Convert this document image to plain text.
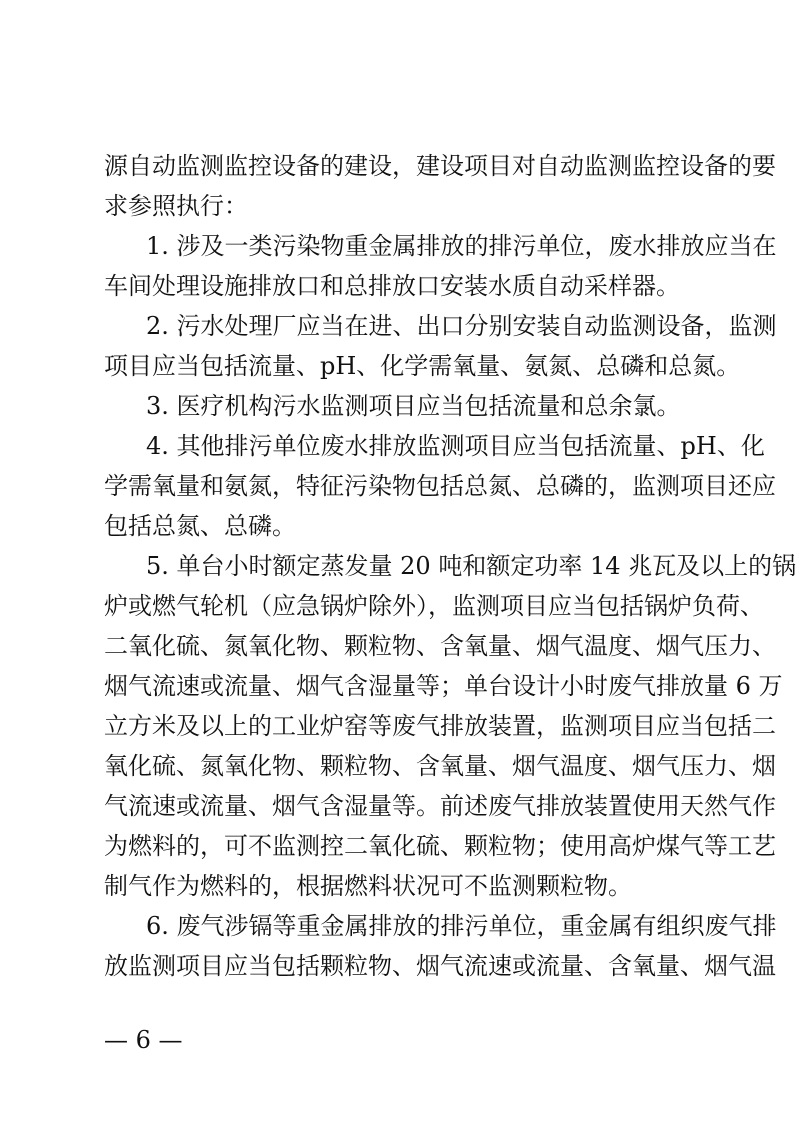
源自动监测监控设备的建设，建设项目对自动监测监控设备的要
求参照执行：
1. 涉及一类污染物重金属排放的排污单位，废水排放应当在
车间处理设施排放口和总排放口安装水质自动采样器。
2. 污水处理厂应当在进、出口分别安装自动监测设备，监测
项目应当包括流量、pH、化学需氧量、氨氮、总磷和总氮。
3. 医疗机构污水监测项目应当包括流量和总余氯。
4. 其他排污单位废水排放监测项目应当包括流量、pH、化
学需氧量和氨氮，特征污染物包括总氮、总磷的，监测项目还应
包括总氮、总磷。
5. 单台小时额定蒸发量 20 吨和额定功率 14 兆瓦及以上的锅
炉或燃气轮机（应急锅炉除外），监测项目应当包括锅炉负荷、
二氧化硫、氮氧化物、颗粒物、含氧量、烟气温度、烟气压力、
烟气流速或流量、烟气含湿量等；单台设计小时废气排放量 6 万
立方米及以上的工业炉窑等废气排放装置，监测项目应当包括二
氧化硫、氮氧化物、颗粒物、含氧量、烟气温度、烟气压力、烟
气流速或流量、烟气含湿量等。前述废气排放装置使用天然气作
为燃料的，可不监测控二氧化硫、颗粒物；使用高炉煤气等工艺
制气作为燃料的，根据燃料状况可不监测颗粒物。
6. 废气涉镉等重金属排放的排污单位，重金属有组织废气排
放监测项目应当包括颗粒物、烟气流速或流量、含氧量、烟气温
— 6 —
